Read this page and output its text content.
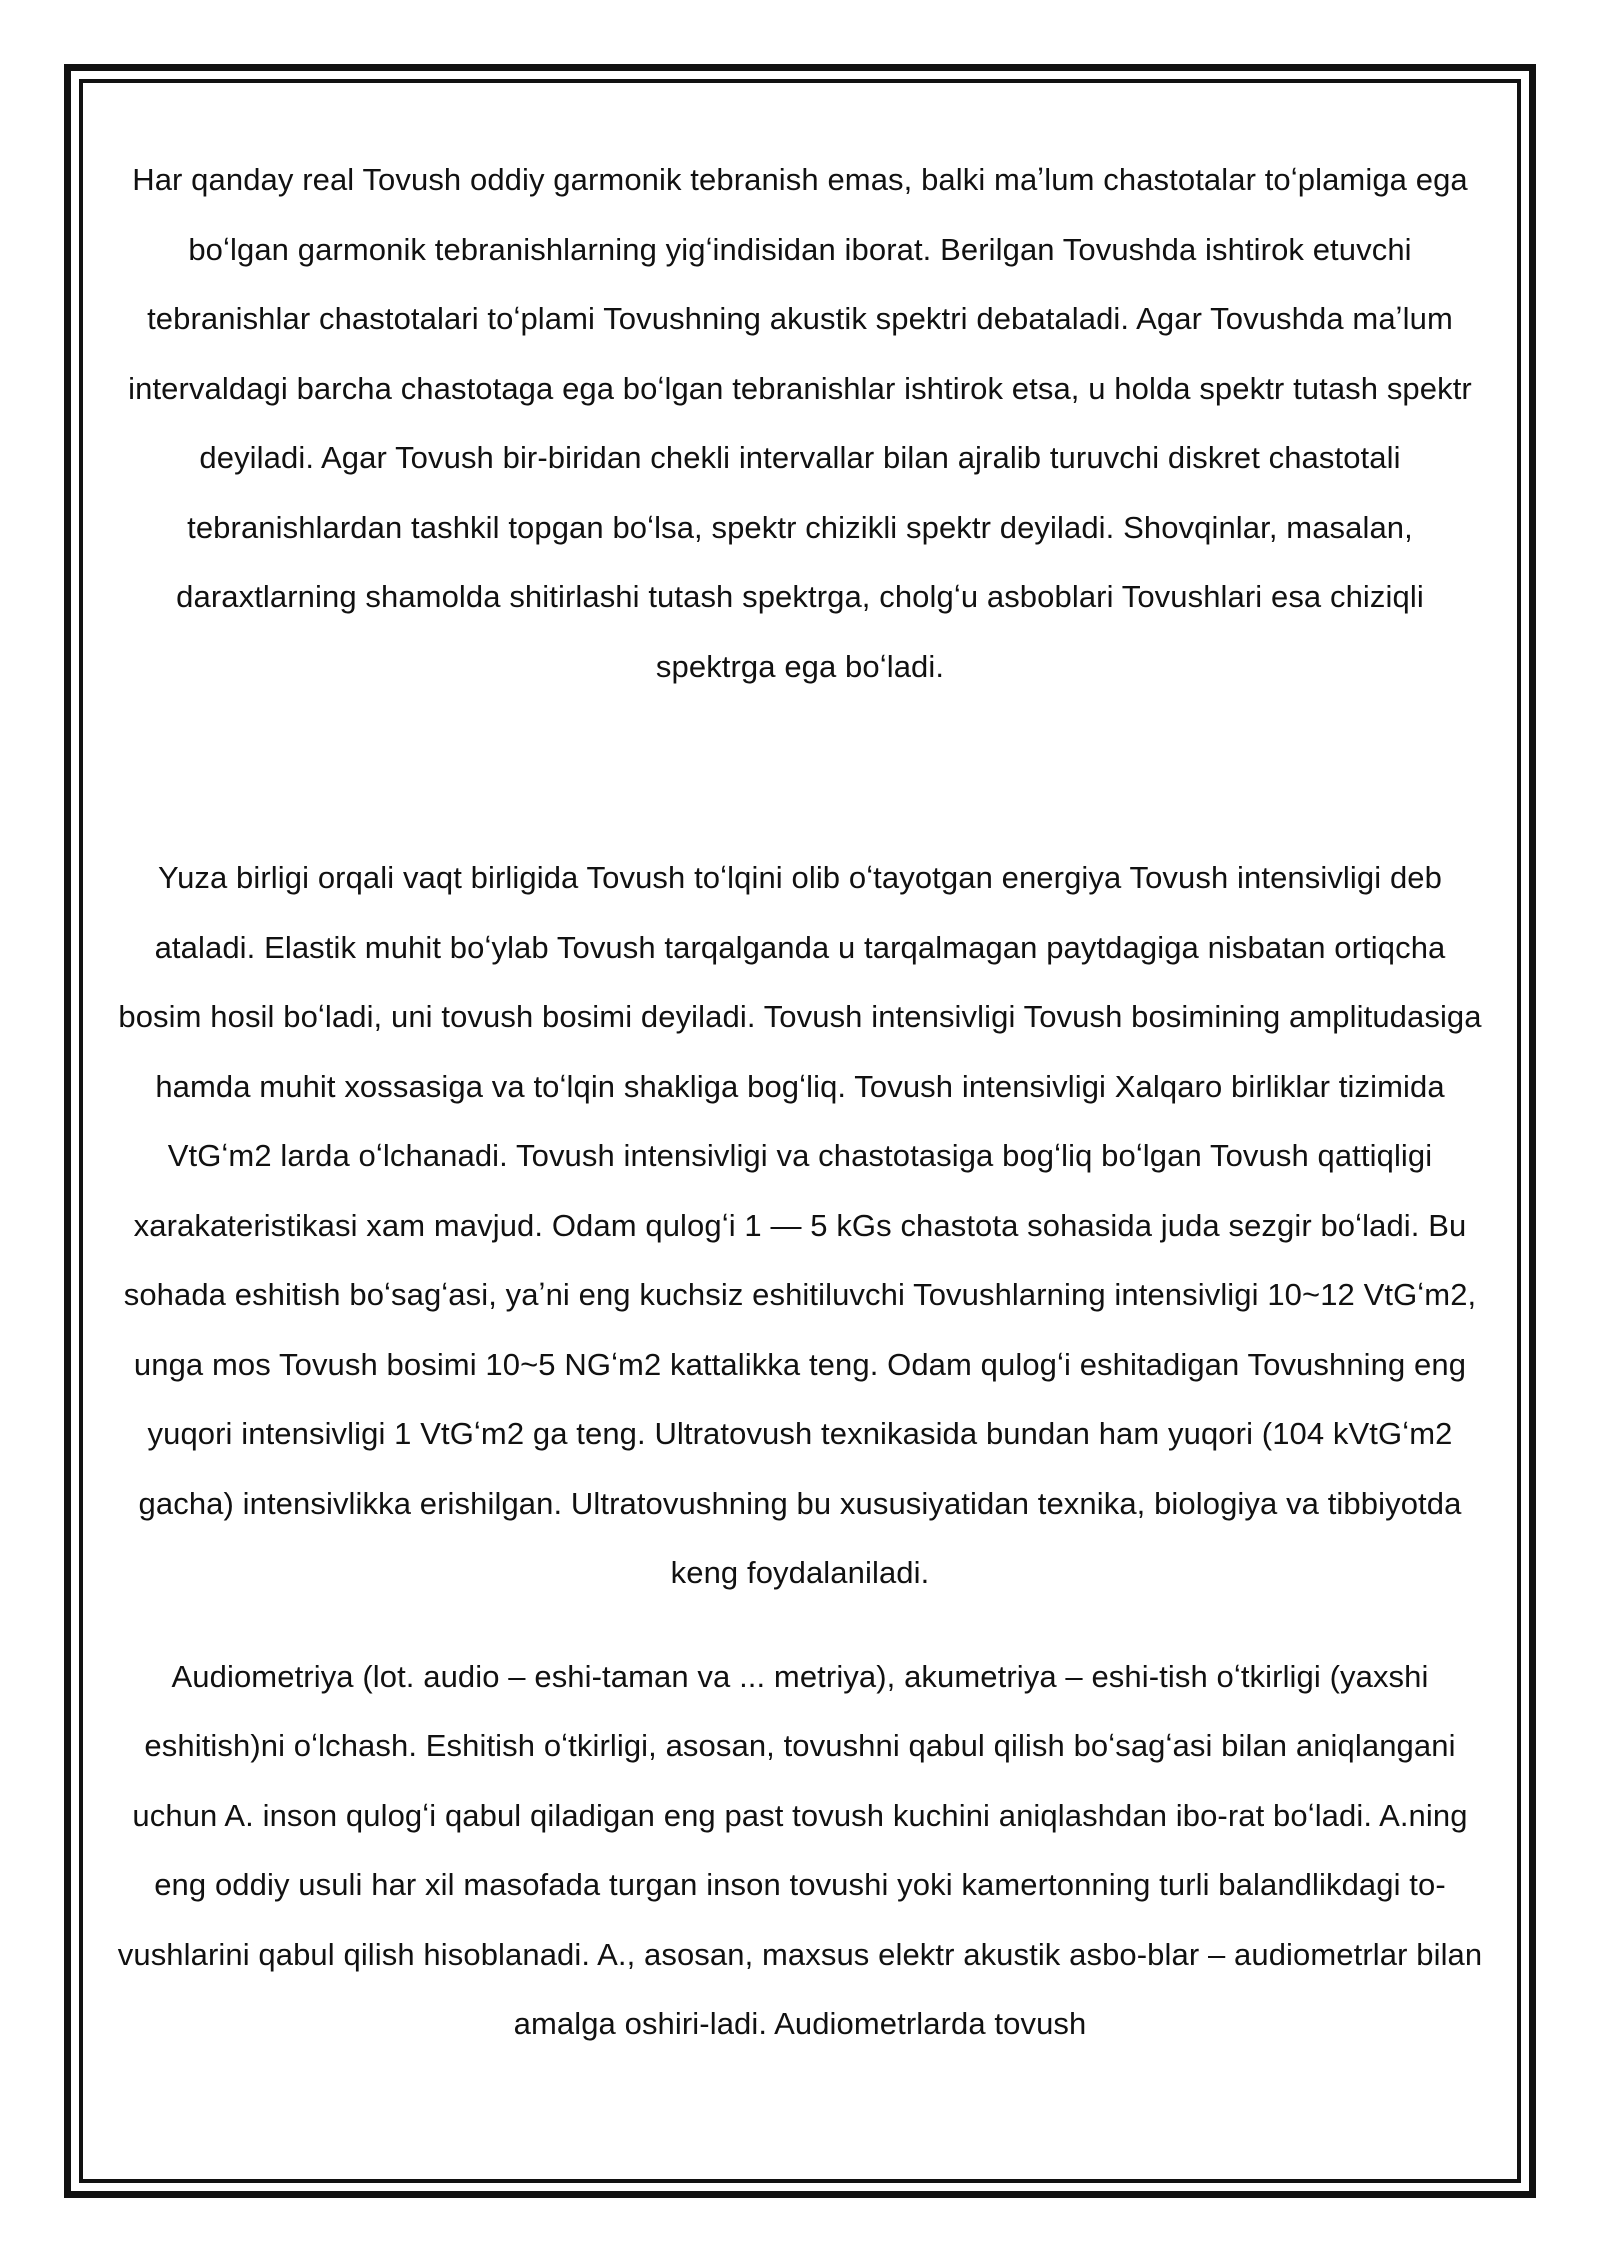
Har qanday real Tovush oddiy garmonik tebranish emas, balki maʼlum chastotalar toʻplamiga ega boʻlgan garmonik tebranishlarning yigʻindisidan iborat. Berilgan Tovushda ishtirok etuvchi tebranishlar chastotalari toʻplami Tovushning akustik spektri debataladi. Agar Tovushda maʼlum intervaldagi barcha chastotaga ega boʻlgan tebranishlar ishtirok etsa, u holda spektr tutash spektr deyiladi. Agar Tovush bir-biridan chekli intervallar bilan ajralib turuvchi diskret chastotali tebranishlardan tashkil topgan boʻlsa, spektr chizikli spektr deyiladi. Shovqinlar, masalan, daraxtlarning shamolda shitirlashi tutash spektrga, cholgʻu asboblari Tovushlari esa chiziqli spektrga ega boʻladi.

Yuza birligi orqali vaqt birligida Tovush toʻlqini olib oʻtayotgan energiya Tovush intensivligi deb ataladi. Elastik muhit boʻylab Tovush tarqalganda u tarqalmagan paytdagiga nisbatan ortiqcha bosim hosil boʻladi, uni tovush bosimi deyiladi. Tovush intensivligi Tovush bosimining amplitudasiga hamda muhit xossasiga va toʻlqin shakliga bogʻliq. Tovush intensivligi Xalqaro birliklar tizimida VtGʻm2 larda oʻlchanadi. Tovush intensivligi va chastotasiga bogʻliq boʻlgan Tovush qattiqligi xarakateristikasi xam mavjud. Odam qulogʻi 1 — 5 kGs chastota sohasida juda sezgir boʻladi. Bu sohada eshitish boʻsagʻasi, yaʼni eng kuchsiz eshitiluvchi Tovushlarning intensivligi 10~12 VtGʻm2, unga mos Tovush bosimi 10~5 NGʻm2 kattalikka teng. Odam qulogʻi eshitadigan Tovushning eng yuqori intensivligi 1 VtGʻm2 ga teng. Ultratovush texnikasida bundan ham yuqori (104 kVtGʻm2 gacha) intensivlikka erishilgan. Ultratovushning bu xususiyatidan texnika, biologiya va tibbiyotda keng foydalaniladi.

Audiometriya (lot. audio – eshi-taman va ... metriya), akumetriya – eshi-tish oʻtkirligi (yaxshi eshitish)ni oʻlchash. Eshitish oʻtkirligi, asosan, tovushni qabul qilish boʻsagʻasi bilan aniqlangani uchun A. inson qulogʻi qabul qiladigan eng past tovush kuchini aniqlashdan ibo-rat boʻladi. A.ning eng oddiy usuli har xil masofada turgan inson tovushi yoki kamertonning turli balandlikdagi to-vushlarini qabul qilish hisoblanadi. A., asosan, maxsus elektr akustik asbo-blar – audiometrlar bilan amalga oshiri-ladi. Audiometrlarda tovush
